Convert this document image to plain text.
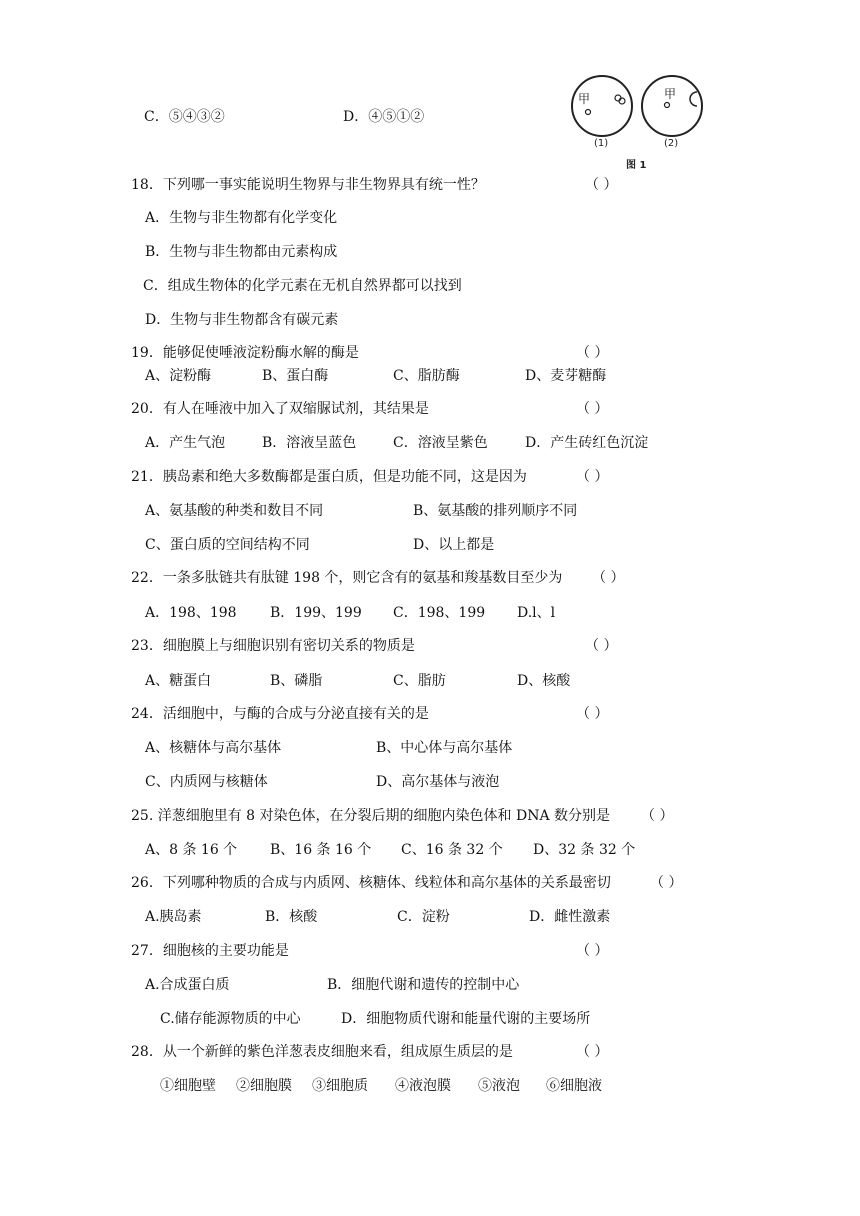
C．⑤④③②	D．④⑤①②
甲	甲
(1)	(2)
图 1
18．下列哪一事实能说明生物界与非生物界具有统一性？	（ ）
A．生物与非生物都有化学变化
B．生物与非生物都由元素构成
C．组成生物体的化学元素在无机自然界都可以找到
D．生物与非生物都含有碳元素
19．能够促使唾液淀粉酶水解的酶是	（ ）
A、淀粉酶	B、蛋白酶	C、脂肪酶	D、麦芽糖酶
20．有人在唾液中加入了双缩脲试剂，其结果是	（ ）
A．产生气泡	B．溶液呈蓝色	C．溶液呈紫色	D．产生砖红色沉淀
21．胰岛素和绝大多数酶都是蛋白质，但是功能不同，这是因为	（ ）
A、氨基酸的种类和数目不同	B、氨基酸的排列顺序不同
C、蛋白质的空间结构不同	D、以上都是
22．一条多肽链共有肽键 198 个，则它含有的氨基和羧基数目至少为 （ ）
A．198、198 B．199、199 C．198、199 D.l、l
23．细胞膜上与细胞识别有密切关系的物质是	（ ）
A、糖蛋白	B、磷脂	C、脂肪	D、核酸
24．活细胞中，与酶的合成与分泌直接有关的是	（ ）
A、核糖体与高尔基体	B、中心体与高尔基体
C、内质网与核糖体	D、高尔基体与液泡
25. 洋葱细胞里有 8 对染色体，在分裂后期的细胞内染色体和 DNA 数分别是 （ ）
A、8 条 16 个 B、16 条 16 个 C、16 条 32 个 D、32 条 32 个
26．下列哪种物质的合成与内质网、核糖体、线粒体和高尔基体的关系最密切	（ ）
A.胰岛素	B．核酸	C．淀粉	D．雌性激素
27．细胞核的主要功能是	（ ）
A.合成蛋白质	B．细胞代谢和遗传的控制中心
C.储存能源物质的中心	D．细胞物质代谢和能量代谢的主要场所
28．从一个新鲜的紫色洋葱表皮细胞来看，组成原生质层的是	（ ）
①细胞壁 ②细胞膜 ③细胞质 ④液泡膜 ⑤液泡 ⑥细胞液
